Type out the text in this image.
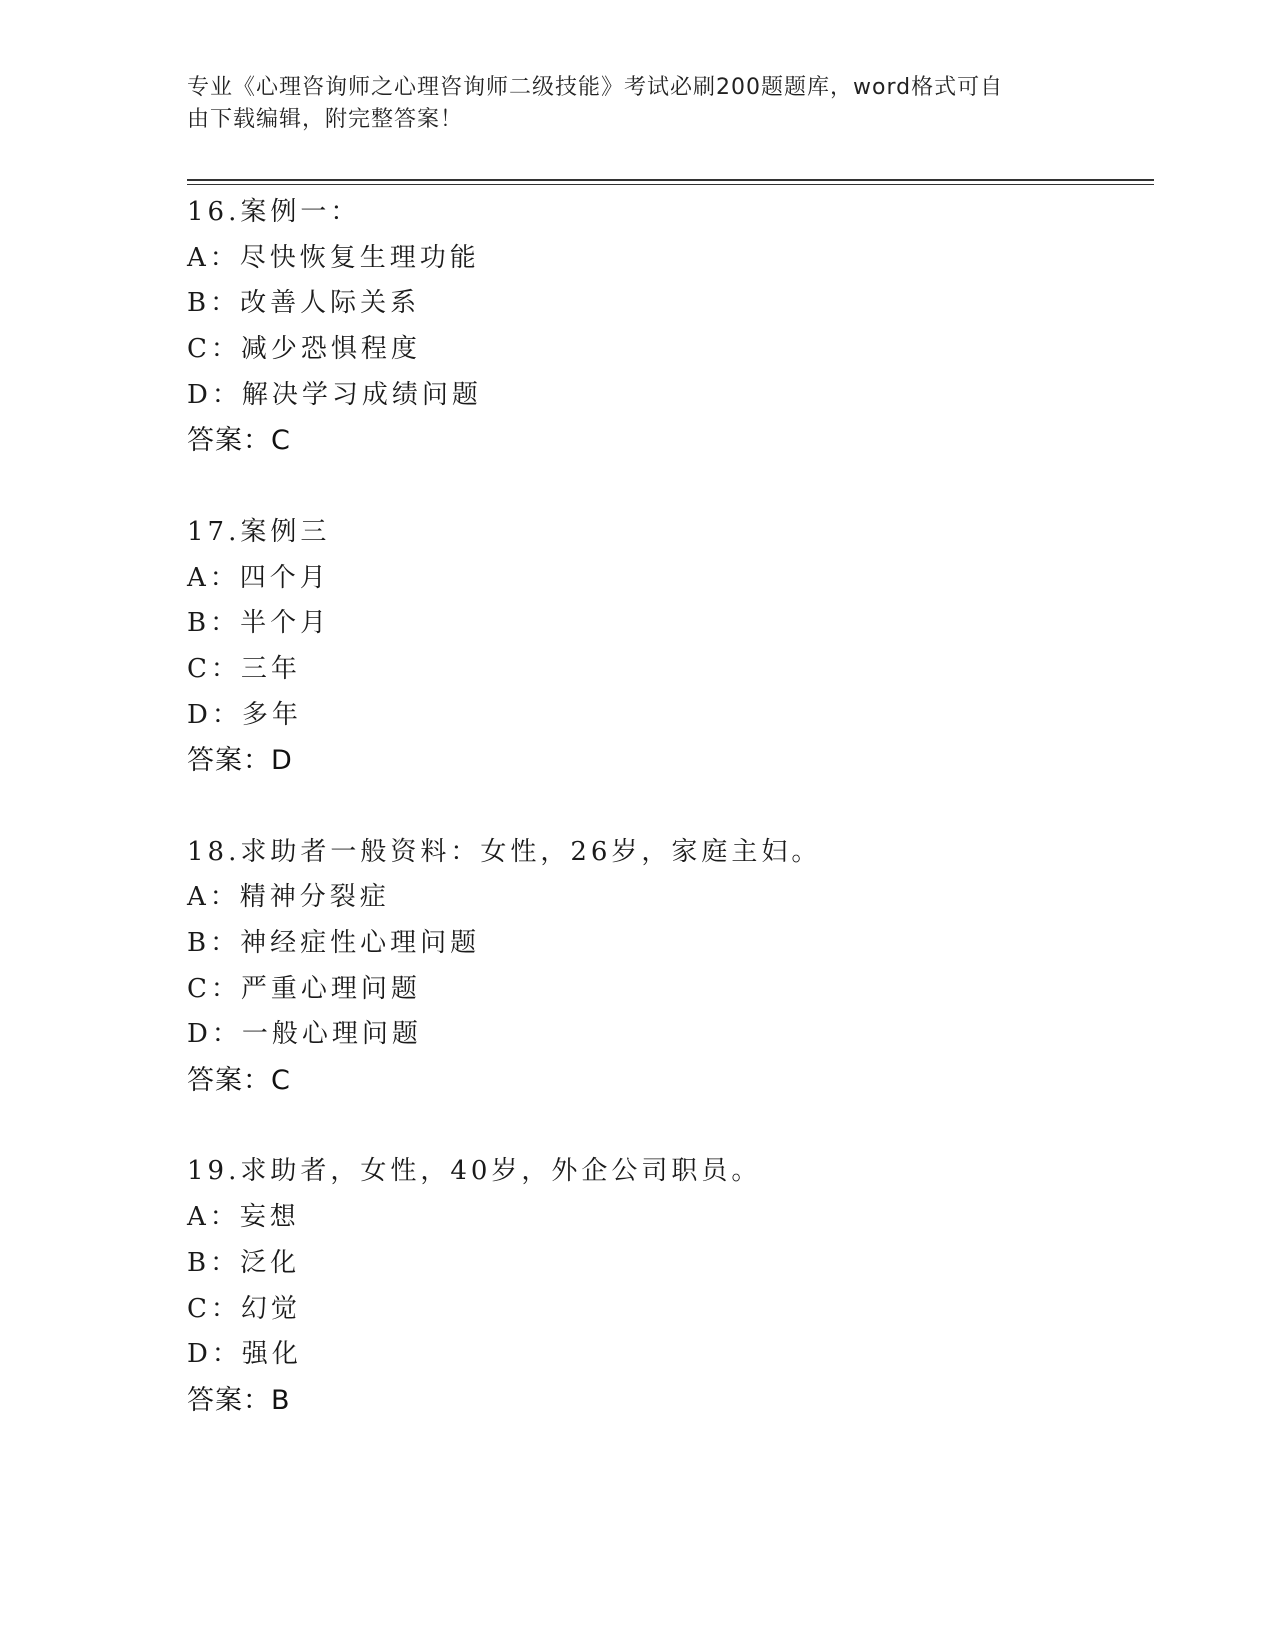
专业《心理咨询师之心理咨询师二级技能》考试必刷200题题库，word格式可自
由下载编辑，附完整答案！
16.案例一：
A：尽快恢复生理功能
B：改善人际关系
C：减少恐惧程度
D：解决学习成绩问题
答案：C
17.案例三
A：四个月
B：半个月
C：三年
D：多年
答案：D
18.求助者一般资料：女性，26岁，家庭主妇。
A：精神分裂症
B：神经症性心理问题
C：严重心理问题
D：一般心理问题
答案：C
19.求助者，女性，40岁，外企公司职员。
A：妄想
B：泛化
C：幻觉
D：强化
答案：B
